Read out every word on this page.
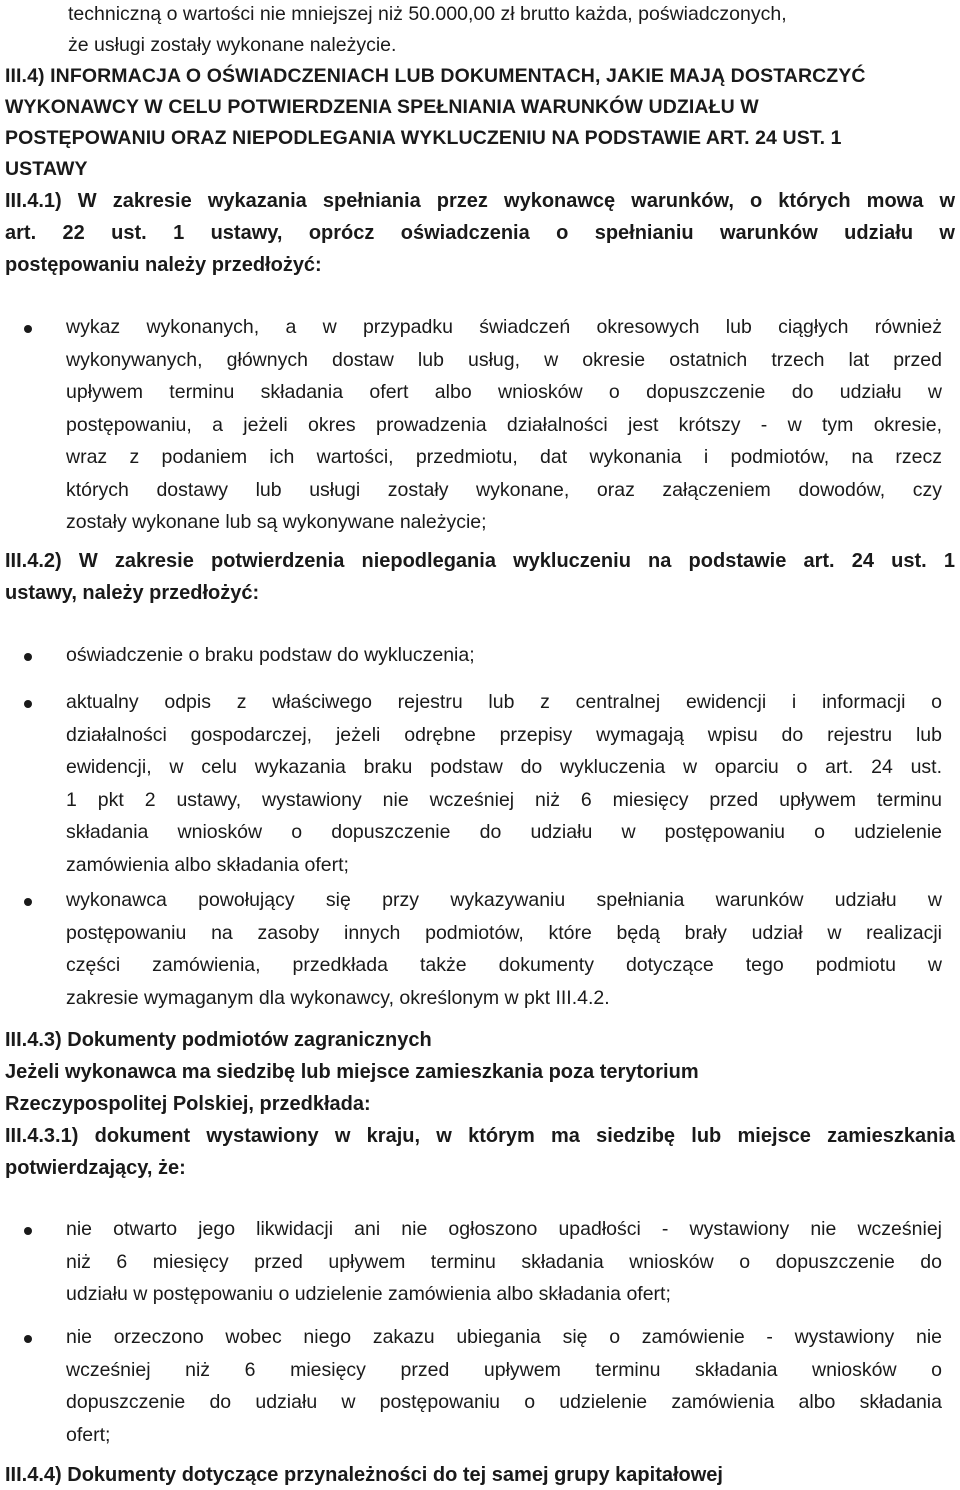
techniczną o wartości nie mniejszej niż 50.000,00 zł brutto każda, poświadczonych,
że usługi zostały wykonane należycie.
III.4) INFORMACJA O OŚWIADCZENIACH LUB DOKUMENTACH, JAKIE MAJĄ DOSTARCZYĆ
WYKONAWCY W CELU POTWIERDZENIA SPEŁNIANIA WARUNKÓW UDZIAŁU W
POSTĘPOWANIU ORAZ NIEPODLEGANIA WYKLUCZENIU NA PODSTAWIE ART. 24 UST. 1
USTAWY
III.4.1) W zakresie wykazania spełniania przez wykonawcę warunków, o których mowa w
art. 22 ust. 1 ustawy, oprócz oświadczenia o spełnianiu warunków udziału w
postępowaniu należy przedłożyć:
wykaz wykonanych, a w przypadku świadczeń okresowych lub ciągłych również
wykonywanych, głównych dostaw lub usług, w okresie ostatnich trzech lat przed
upływem terminu składania ofert albo wniosków o dopuszczenie do udziału w
postępowaniu, a jeżeli okres prowadzenia działalności jest krótszy - w tym okresie,
wraz z podaniem ich wartości, przedmiotu, dat wykonania i podmiotów, na rzecz
których dostawy lub usługi zostały wykonane, oraz załączeniem dowodów, czy
zostały wykonane lub są wykonywane należycie;
III.4.2) W zakresie potwierdzenia niepodlegania wykluczeniu na podstawie art. 24 ust. 1
ustawy, należy przedłożyć:
oświadczenie o braku podstaw do wykluczenia;
aktualny odpis z właściwego rejestru lub z centralnej ewidencji i informacji o
działalności gospodarczej, jeżeli odrębne przepisy wymagają wpisu do rejestru lub
ewidencji, w celu wykazania braku podstaw do wykluczenia w oparciu o art. 24 ust.
1 pkt 2 ustawy, wystawiony nie wcześniej niż 6 miesięcy przed upływem terminu
składania wniosków o dopuszczenie do udziału w postępowaniu o udzielenie
zamówienia albo składania ofert;
wykonawca powołujący się przy wykazywaniu spełniania warunków udziału w
postępowaniu na zasoby innych podmiotów, które będą brały udział w realizacji
części zamówienia, przedkłada także dokumenty dotyczące tego podmiotu w
zakresie wymaganym dla wykonawcy, określonym w pkt III.4.2.
III.4.3) Dokumenty podmiotów zagranicznych
Jeżeli wykonawca ma siedzibę lub miejsce zamieszkania poza terytorium
Rzeczypospolitej Polskiej, przedkłada:
III.4.3.1) dokument wystawiony w kraju, w którym ma siedzibę lub miejsce zamieszkania
potwierdzający, że:
nie otwarto jego likwidacji ani nie ogłoszono upadłości - wystawiony nie wcześniej
niż 6 miesięcy przed upływem terminu składania wniosków o dopuszczenie do
udziału w postępowaniu o udzielenie zamówienia albo składania ofert;
nie orzeczono wobec niego zakazu ubiegania się o zamówienie - wystawiony nie
wcześniej niż 6 miesięcy przed upływem terminu składania wniosków o
dopuszczenie do udziału w postępowaniu o udzielenie zamówienia albo składania
ofert;
III.4.4) Dokumenty dotyczące przynależności do tej samej grupy kapitałowej
